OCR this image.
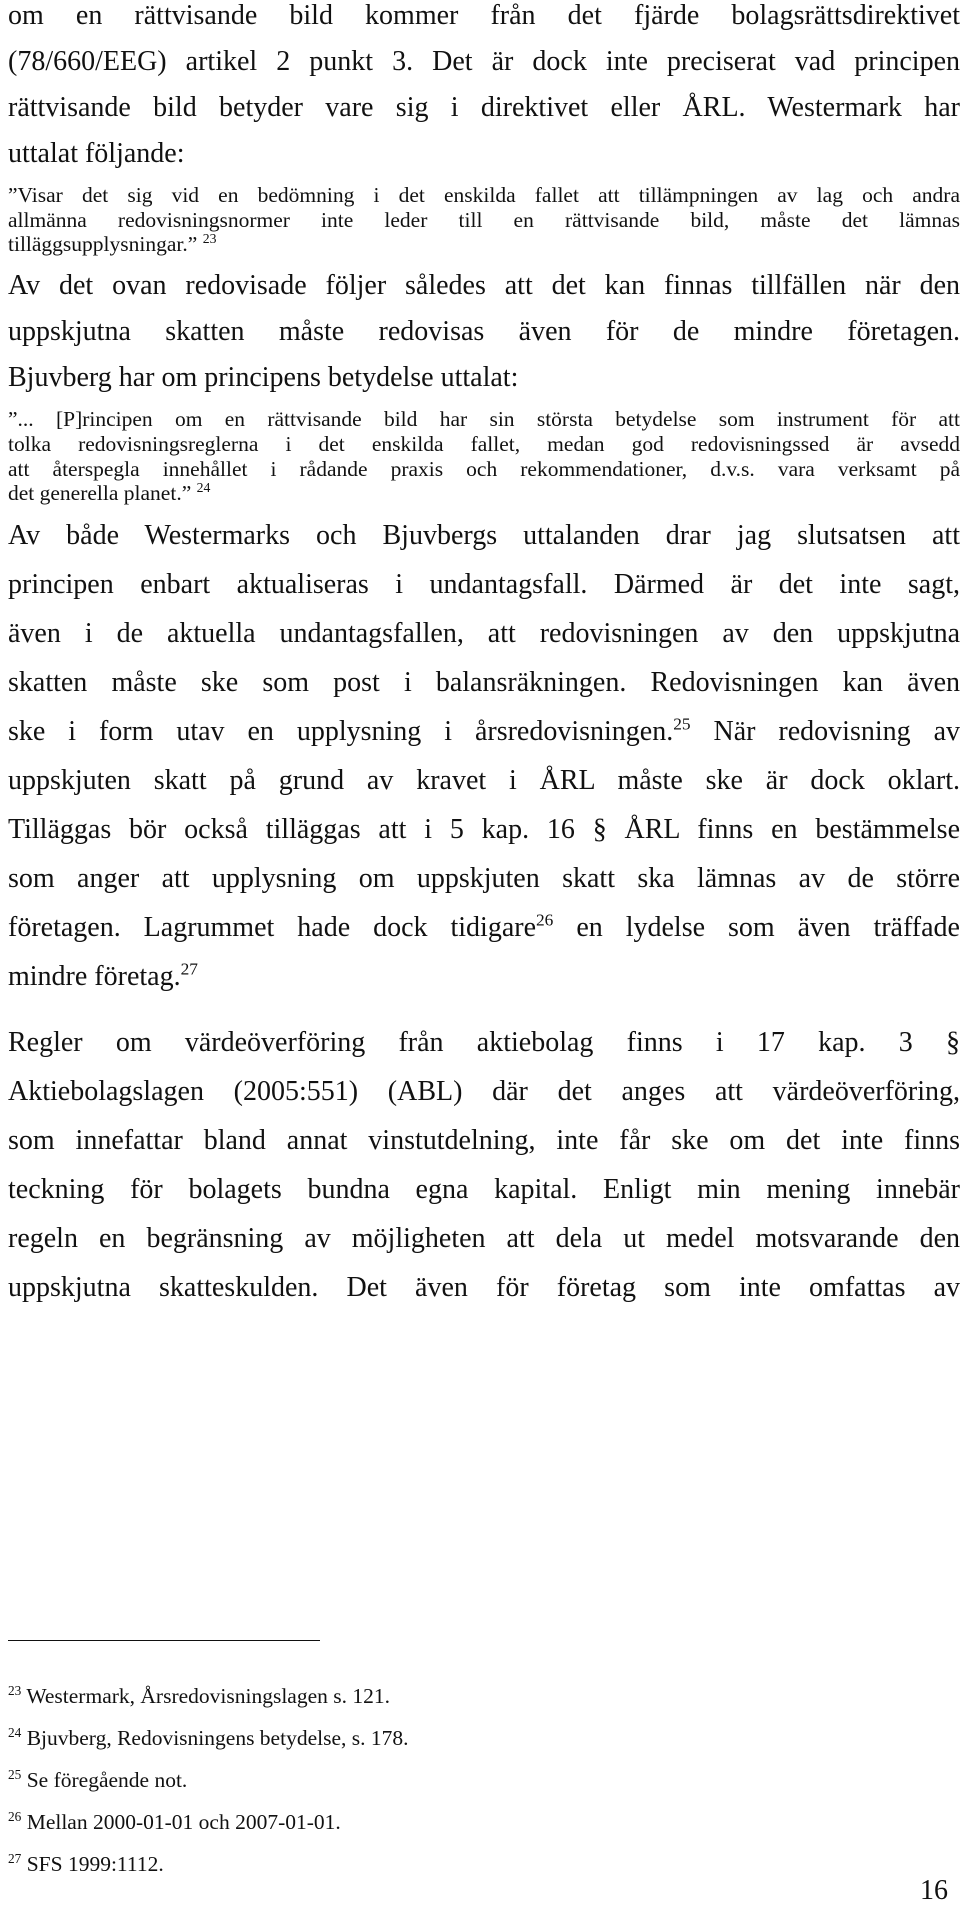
om en rättvisande bild kommer från det fjärde bolagsrättsdirektivet
(78/660/EEG) artikel 2 punkt 3. Det är dock inte preciserat vad principen
rättvisande bild betyder vare sig i direktivet eller ÅRL. Westermark har
uttalat följande:
”Visar det sig vid en bedömning i det enskilda fallet att tillämpningen av lag och andra
allmänna redovisningsnormer inte leder till en rättvisande bild, måste det lämnas
tilläggsupplysningar.” $^{23}$
Av det ovan redovisade följer således att det kan finnas tillfällen när den
uppskjutna skatten måste redovisas även för de mindre företagen.
Bjuvberg har om principens betydelse uttalat:
”... [P]rincipen om en rättvisande bild har sin största betydelse som instrument för att
tolka redovisningsreglerna i det enskilda fallet, medan god redovisningssed är avsedd
att återspegla innehållet i rådande praxis och rekommendationer, d.v.s. vara verksamt på
det generella planet.” $^{24}$
Av både Westermarks och Bjuvbergs uttalanden drar jag slutsatsen att
principen enbart aktualiseras i undantagsfall. Därmed är det inte sagt,
även i de aktuella undantagsfallen, att redovisningen av den uppskjutna
skatten måste ske som post i balansräkningen. Redovisningen kan även
ske i form utav en upplysning i årsredovisningen.$^{25}$ När redovisning av
uppskjuten skatt på grund av kravet i ÅRL måste ske är dock oklart.
Tilläggas bör också tilläggas att i 5 kap. 16 § ÅRL finns en bestämmelse
som anger att upplysning om uppskjuten skatt ska lämnas av de större
företagen. Lagrummet hade dock tidigare$^{26}$ en lydelse som även träffade
mindre företag.$^{27}$
Regler om värdeöverföring från aktiebolag finns i 17 kap. 3 §
Aktiebolagslagen (2005:551) (ABL) där det anges att värdeöverföring,
som innefattar bland annat vinstutdelning, inte får ske om det inte finns
teckning för bolagets bundna egna kapital. Enligt min mening innebär
regeln en begränsning av möjligheten att dela ut medel motsvarande den
uppskjutna skatteskulden. Det även för företag som inte omfattas av
$^{23}$ Westermark, Årsredovisningslagen s. 121.
$^{24}$ Bjuvberg, Redovisningens betydelse, s. 178.
$^{25}$ Se föregående not.
$^{26}$ Mellan 2000-01-01 och 2007-01-01.
$^{27}$ SFS 1999:1112.
16
